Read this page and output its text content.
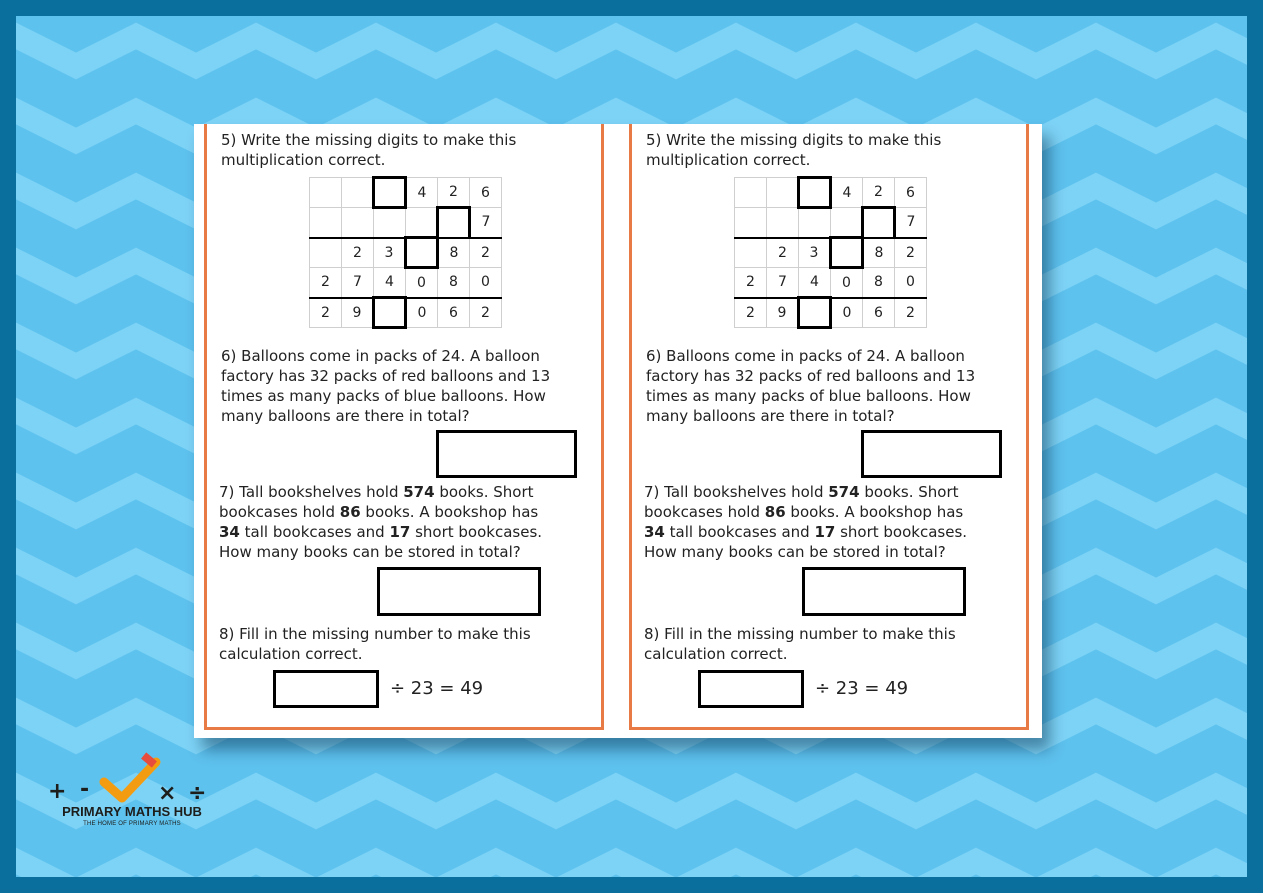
5) Write the missing digits to make this
multiplication correct.

			4	2	6
					7
	2	3		8	2
2	7	4	0	8	0
2	9		0	6	2

6) Balloons come in packs of 24. A balloon
factory has 32 packs of red balloons and 13
times as many packs of blue balloons. How
many balloons are there in total?

7) Tall bookshelves hold 574 books. Short
bookcases hold 86 books. A bookshop has
34 tall bookcases and 17 short bookcases.
How many books can be stored in total?

8) Fill in the missing number to make this
calculation correct.

÷ 23 = 49

5) Write the missing digits to make this
multiplication correct.

			4	2	6
					7
	2	3		8	2
2	7	4	0	8	0
2	9		0	6	2

6) Balloons come in packs of 24. A balloon
factory has 32 packs of red balloons and 13
times as many packs of blue balloons. How
many balloons are there in total?

7) Tall bookshelves hold 574 books. Short
bookcases hold 86 books. A bookshop has
34 tall bookcases and 17 short bookcases.
How many books can be stored in total?

8) Fill in the missing number to make this
calculation correct.

÷ 23 = 49
+ -	× ÷
PRIMARY MATHS HUB
THE HOME OF PRIMARY MATHS
